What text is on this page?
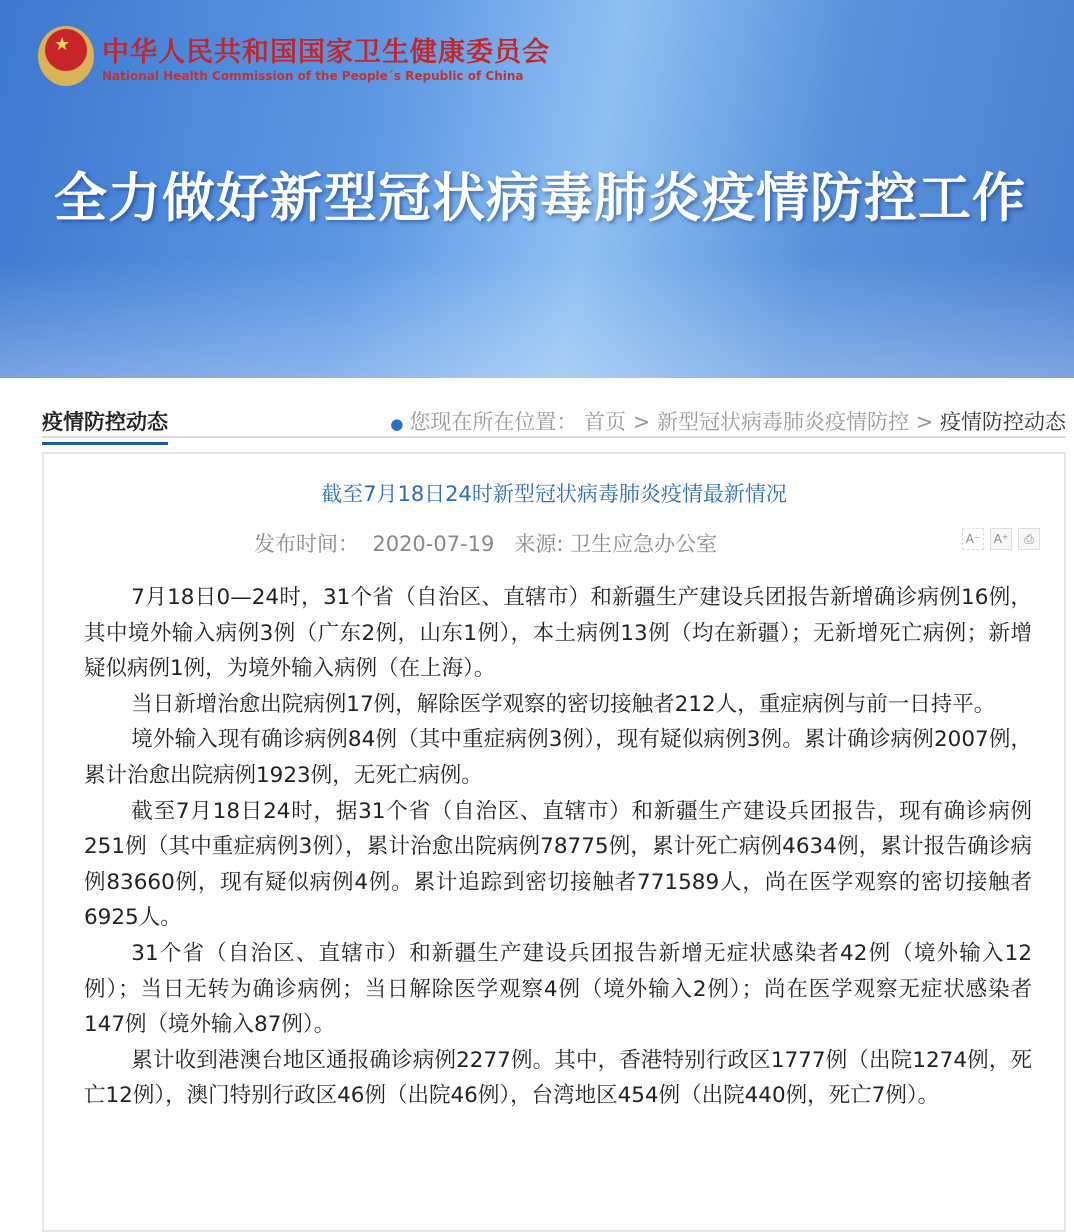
★ 中华人民共和国国家卫生健康委员会
National Health Commission of the People´s Republic of China
全力做好新型冠状病毒肺炎疫情防控工作
疫情防控动态	● 您现在所在位置： 首页 > 新型冠状病毒肺炎疫情防控 > 疫情防控动态
截至7月18日24时新型冠状病毒肺炎疫情最新情况
发布时间：  2020-07-19   来源: 卫生应急办公室	A⁻	A⁺	⎙

7月18日0—24时，31个省（自治区、直辖市）和新疆生产建设兵团报告新增确诊病例16例，其中境外输入病例3例（广东2例，山东1例），本土病例13例（均在新疆）；无新增死亡病例；新增疑似病例1例，为境外输入病例（在上海）。

当日新增治愈出院病例17例，解除医学观察的密切接触者212人，重症病例与前一日持平。

境外输入现有确诊病例84例（其中重症病例3例），现有疑似病例3例。累计确诊病例2007例，累计治愈出院病例1923例，无死亡病例。

截至7月18日24时，据31个省（自治区、直辖市）和新疆生产建设兵团报告，现有确诊病例251例（其中重症病例3例），累计治愈出院病例78775例，累计死亡病例4634例，累计报告确诊病例83660例，现有疑似病例4例。累计追踪到密切接触者771589人，尚在医学观察的密切接触者6925人。

31个省（自治区、直辖市）和新疆生产建设兵团报告新增无症状感染者42例（境外输入12例）；当日无转为确诊病例；当日解除医学观察4例（境外输入2例）；尚在医学观察无症状感染者147例（境外输入87例）。

累计收到港澳台地区通报确诊病例2277例。其中，香港特别行政区1777例（出院1274例，死亡12例），澳门特别行政区46例（出院46例），台湾地区454例（出院440例，死亡7例）。
